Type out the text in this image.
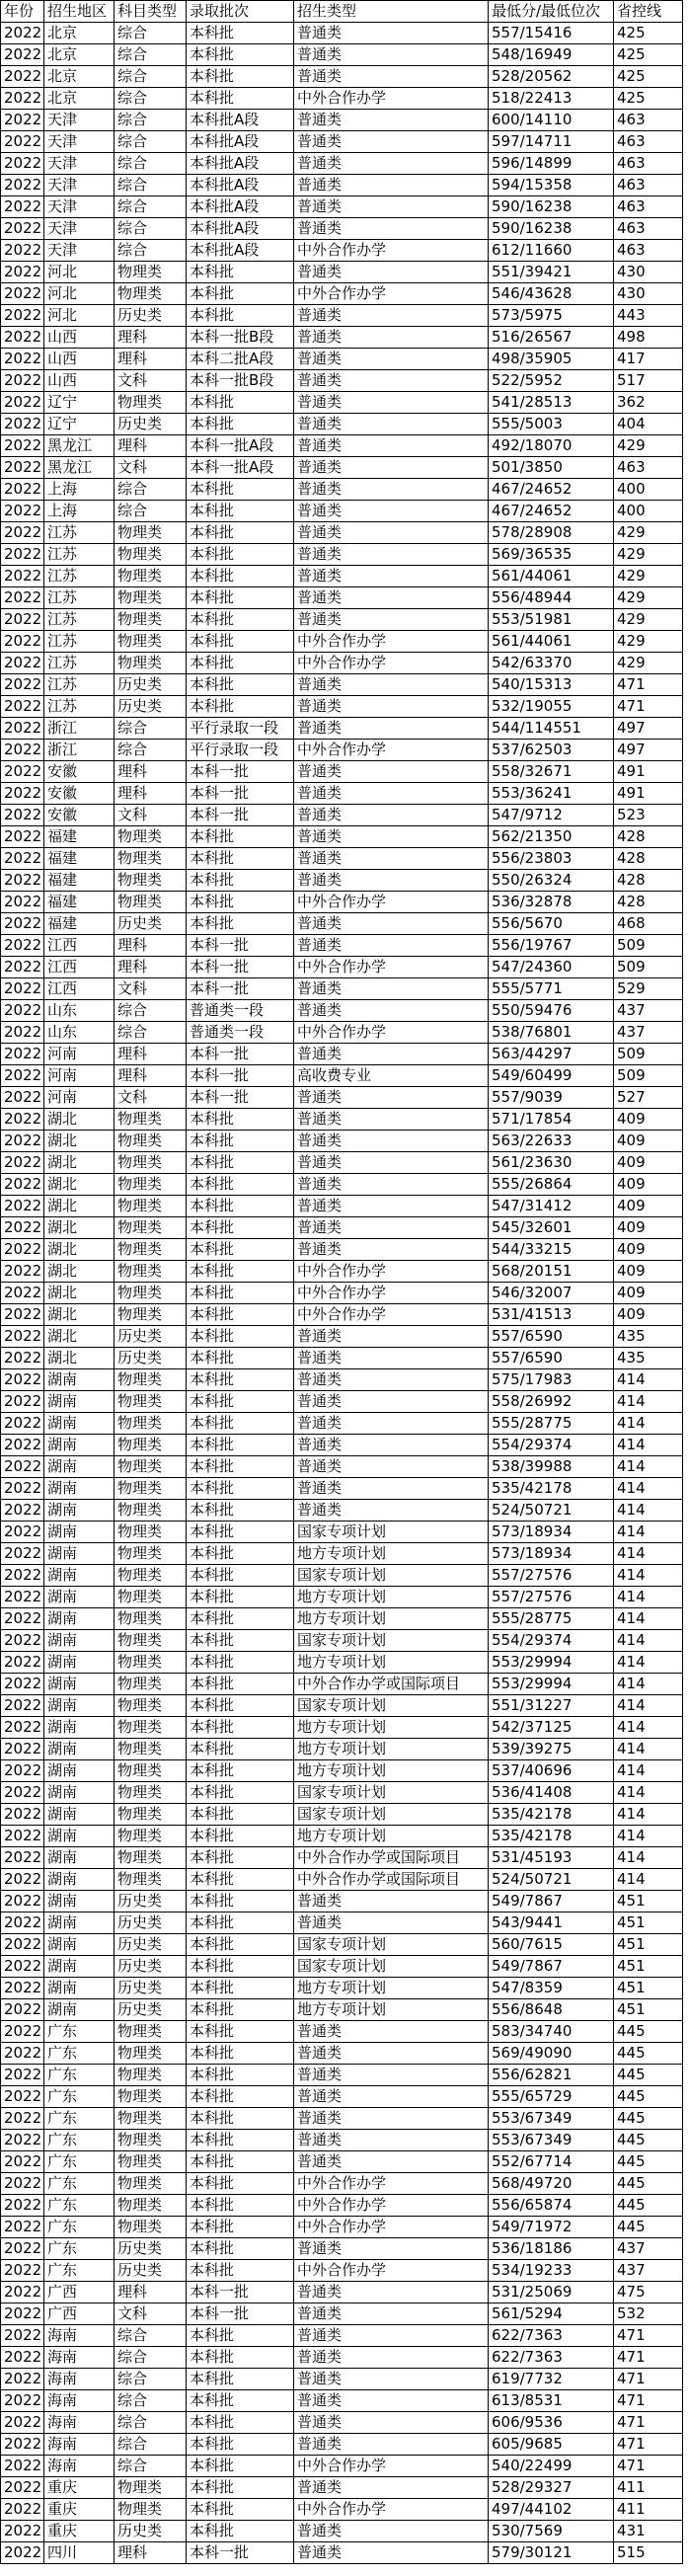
年份	招生地区	科目类型	录取批次	招生类型	最低分/最低位次	省控线
2022	北京	综合	本科批	普通类	557/15416	425
2022	北京	综合	本科批	普通类	548/16949	425
2022	北京	综合	本科批	普通类	528/20562	425
2022	北京	综合	本科批	中外合作办学	518/22413	425
2022	天津	综合	本科批A段	普通类	600/14110	463
2022	天津	综合	本科批A段	普通类	597/14711	463
2022	天津	综合	本科批A段	普通类	596/14899	463
2022	天津	综合	本科批A段	普通类	594/15358	463
2022	天津	综合	本科批A段	普通类	590/16238	463
2022	天津	综合	本科批A段	普通类	590/16238	463
2022	天津	综合	本科批A段	中外合作办学	612/11660	463
2022	河北	物理类	本科批	普通类	551/39421	430
2022	河北	物理类	本科批	中外合作办学	546/43628	430
2022	河北	历史类	本科批	普通类	573/5975	443
2022	山西	理科	本科一批B段	普通类	516/26567	498
2022	山西	理科	本科二批A段	普通类	498/35905	417
2022	山西	文科	本科一批B段	普通类	522/5952	517
2022	辽宁	物理类	本科批	普通类	541/28513	362
2022	辽宁	历史类	本科批	普通类	555/5003	404
2022	黑龙江	理科	本科一批A段	普通类	492/18070	429
2022	黑龙江	文科	本科一批A段	普通类	501/3850	463
2022	上海	综合	本科批	普通类	467/24652	400
2022	上海	综合	本科批	普通类	467/24652	400
2022	江苏	物理类	本科批	普通类	578/28908	429
2022	江苏	物理类	本科批	普通类	569/36535	429
2022	江苏	物理类	本科批	普通类	561/44061	429
2022	江苏	物理类	本科批	普通类	556/48944	429
2022	江苏	物理类	本科批	普通类	553/51981	429
2022	江苏	物理类	本科批	中外合作办学	561/44061	429
2022	江苏	物理类	本科批	中外合作办学	542/63370	429
2022	江苏	历史类	本科批	普通类	540/15313	471
2022	江苏	历史类	本科批	普通类	532/19055	471
2022	浙江	综合	平行录取一段	普通类	544/114551	497
2022	浙江	综合	平行录取一段	中外合作办学	537/62503	497
2022	安徽	理科	本科一批	普通类	558/32671	491
2022	安徽	理科	本科一批	普通类	553/36241	491
2022	安徽	文科	本科一批	普通类	547/9712	523
2022	福建	物理类	本科批	普通类	562/21350	428
2022	福建	物理类	本科批	普通类	556/23803	428
2022	福建	物理类	本科批	普通类	550/26324	428
2022	福建	物理类	本科批	中外合作办学	536/32878	428
2022	福建	历史类	本科批	普通类	556/5670	468
2022	江西	理科	本科一批	普通类	556/19767	509
2022	江西	理科	本科一批	中外合作办学	547/24360	509
2022	江西	文科	本科一批	普通类	555/5771	529
2022	山东	综合	普通类一段	普通类	550/59476	437
2022	山东	综合	普通类一段	中外合作办学	538/76801	437
2022	河南	理科	本科一批	普通类	563/44297	509
2022	河南	理科	本科一批	高收费专业	549/60499	509
2022	河南	文科	本科一批	普通类	557/9039	527
2022	湖北	物理类	本科批	普通类	571/17854	409
2022	湖北	物理类	本科批	普通类	563/22633	409
2022	湖北	物理类	本科批	普通类	561/23630	409
2022	湖北	物理类	本科批	普通类	555/26864	409
2022	湖北	物理类	本科批	普通类	547/31412	409
2022	湖北	物理类	本科批	普通类	545/32601	409
2022	湖北	物理类	本科批	普通类	544/33215	409
2022	湖北	物理类	本科批	中外合作办学	568/20151	409
2022	湖北	物理类	本科批	中外合作办学	546/32007	409
2022	湖北	物理类	本科批	中外合作办学	531/41513	409
2022	湖北	历史类	本科批	普通类	557/6590	435
2022	湖北	历史类	本科批	普通类	557/6590	435
2022	湖南	物理类	本科批	普通类	575/17983	414
2022	湖南	物理类	本科批	普通类	558/26992	414
2022	湖南	物理类	本科批	普通类	555/28775	414
2022	湖南	物理类	本科批	普通类	554/29374	414
2022	湖南	物理类	本科批	普通类	538/39988	414
2022	湖南	物理类	本科批	普通类	535/42178	414
2022	湖南	物理类	本科批	普通类	524/50721	414
2022	湖南	物理类	本科批	国家专项计划	573/18934	414
2022	湖南	物理类	本科批	地方专项计划	573/18934	414
2022	湖南	物理类	本科批	国家专项计划	557/27576	414
2022	湖南	物理类	本科批	地方专项计划	557/27576	414
2022	湖南	物理类	本科批	地方专项计划	555/28775	414
2022	湖南	物理类	本科批	国家专项计划	554/29374	414
2022	湖南	物理类	本科批	地方专项计划	553/29994	414
2022	湖南	物理类	本科批	中外合作办学或国际项目	553/29994	414
2022	湖南	物理类	本科批	国家专项计划	551/31227	414
2022	湖南	物理类	本科批	地方专项计划	542/37125	414
2022	湖南	物理类	本科批	地方专项计划	539/39275	414
2022	湖南	物理类	本科批	地方专项计划	537/40696	414
2022	湖南	物理类	本科批	国家专项计划	536/41408	414
2022	湖南	物理类	本科批	国家专项计划	535/42178	414
2022	湖南	物理类	本科批	地方专项计划	535/42178	414
2022	湖南	物理类	本科批	中外合作办学或国际项目	531/45193	414
2022	湖南	物理类	本科批	中外合作办学或国际项目	524/50721	414
2022	湖南	历史类	本科批	普通类	549/7867	451
2022	湖南	历史类	本科批	普通类	543/9441	451
2022	湖南	历史类	本科批	国家专项计划	560/7615	451
2022	湖南	历史类	本科批	国家专项计划	549/7867	451
2022	湖南	历史类	本科批	地方专项计划	547/8359	451
2022	湖南	历史类	本科批	地方专项计划	556/8648	451
2022	广东	物理类	本科批	普通类	583/34740	445
2022	广东	物理类	本科批	普通类	569/49090	445
2022	广东	物理类	本科批	普通类	556/62821	445
2022	广东	物理类	本科批	普通类	555/65729	445
2022	广东	物理类	本科批	普通类	553/67349	445
2022	广东	物理类	本科批	普通类	553/67349	445
2022	广东	物理类	本科批	普通类	552/67714	445
2022	广东	物理类	本科批	中外合作办学	568/49720	445
2022	广东	物理类	本科批	中外合作办学	556/65874	445
2022	广东	物理类	本科批	中外合作办学	549/71972	445
2022	广东	历史类	本科批	普通类	536/18186	437
2022	广东	历史类	本科批	中外合作办学	534/19233	437
2022	广西	理科	本科一批	普通类	531/25069	475
2022	广西	文科	本科一批	普通类	561/5294	532
2022	海南	综合	本科批	普通类	622/7363	471
2022	海南	综合	本科批	普通类	622/7363	471
2022	海南	综合	本科批	普通类	619/7732	471
2022	海南	综合	本科批	普通类	613/8531	471
2022	海南	综合	本科批	普通类	606/9536	471
2022	海南	综合	本科批	普通类	605/9685	471
2022	海南	综合	本科批	中外合作办学	540/22499	471
2022	重庆	物理类	本科批	普通类	528/29327	411
2022	重庆	物理类	本科批	中外合作办学	497/44102	411
2022	重庆	历史类	本科批	普通类	530/7569	431
2022	四川	理科	本科一批	普通类	579/30121	515
